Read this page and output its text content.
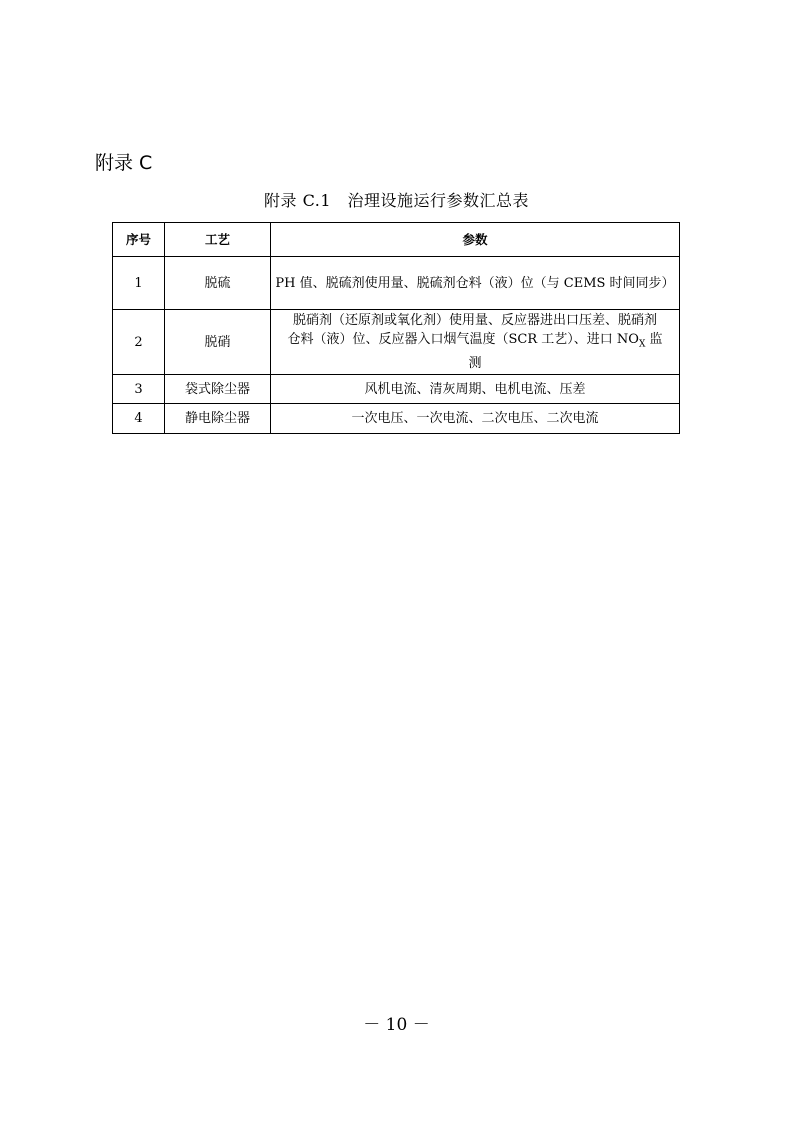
附录 C
附录 C.1　治理设施运行参数汇总表
序号	工艺	参数
1	脱硫	PH 值、脱硫剂使用量、脱硫剂仓料（液）位（与 CEMS 时间同步）
2	脱硝	脱硝剂（还原剂或氧化剂）使用量、反应器进出口压差、脱硝剂
仓料（液）位、反应器入口烟气温度（SCR 工艺）、进口 $NO_X$ 监
测
3	袋式除尘器	风机电流、清灰周期、电机电流、压差
4	静电除尘器	一次电压、一次电流、二次电压、二次电流
－ 10 －
